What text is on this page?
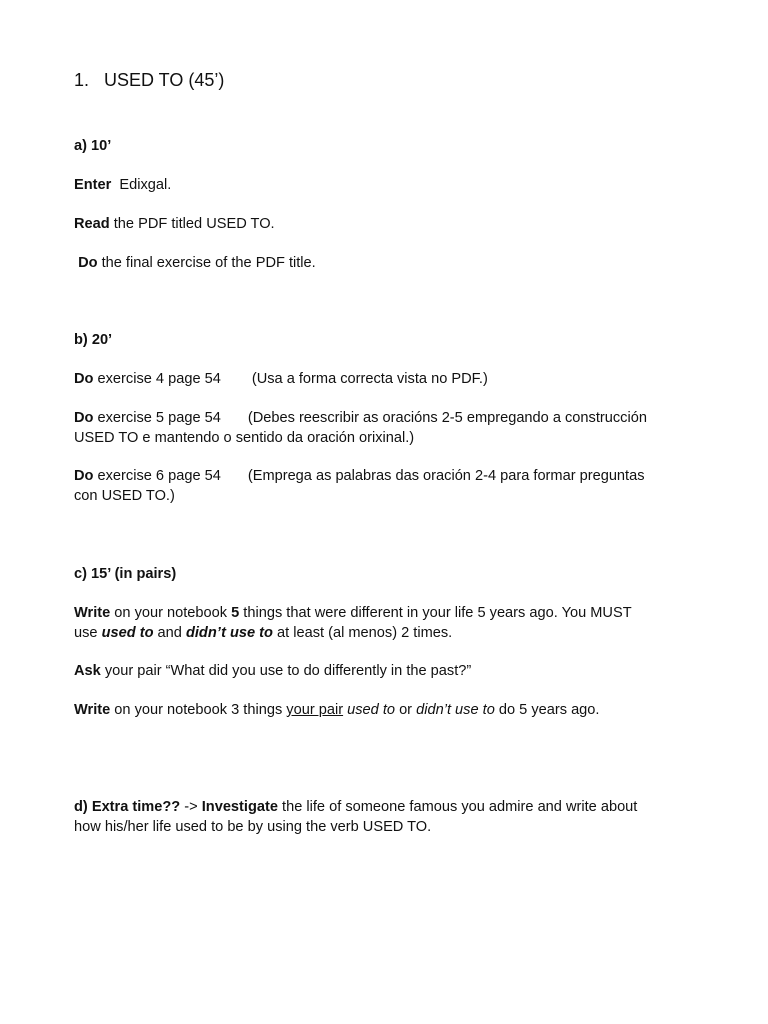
1. USED TO (45’)
a) 10’
Enter Edixgal.
Read the PDF titled USED TO.
Do the final exercise of the PDF title.
b) 20’
Do exercise 4 page 54 (Usa a forma correcta vista no PDF.)
Do exercise 5 page 54 (Debes reescribir as oracións 2-5 empregando a construcción
USED TO e mantendo o sentido da oración orixinal.)
Do exercise 6 page 54 (Emprega as palabras das oración 2-4 para formar preguntas
con USED TO.)
c) 15’ (in pairs)
Write on your notebook 5 things that were different in your life 5 years ago. You MUST
use used to and didn’t use to at least (al menos) 2 times.
Ask your pair “What did you use to do differently in the past?”
Write on your notebook 3 things your pair used to or didn’t use to do 5 years ago.
d) Extra time?? -> Investigate the life of someone famous you admire and write about
how his/her life used to be by using the verb USED TO.
